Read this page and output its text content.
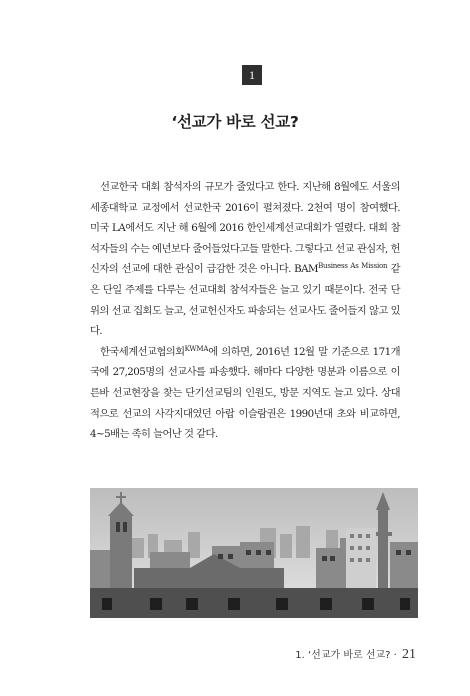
1
‘선교가 바로 선교?

선교한국 대회 참석자의 규모가 줄었다고 한다. 지난해 8월에도 서울의 세종대학교 교정에서 선교한국 2016이 펼쳐졌다. 2천여 명이 참여했다. 미국 LA에서도 지난 해 6월에 2016 한인세계선교대회가 열렸다. 대회 참석자들의 수는 예년보다 줄어들었다고들 말한다. 그렇다고 선교 관심자, 헌신자의 선교에 대한 관심이 급감한 것은 아니다. $BAM^{Business As Mission}$ 같은 단일 주제를 다루는 선교대회 참석자들은 늘고 있기 때문이다. 전국 단위의 선교 집회도 늘고, 선교헌신자도 파송되는 선교사도 줄어들지 않고 있다.

한국세계선교협의회$^{KWMA}$에 의하면, 2016년 12월 말 기준으로 171개국에 27,205명의 선교사를 파송했다. 해마다 다양한 명분과 이름으로 이른바 선교현장을 찾는 단기선교팀의 인원도, 방문 지역도 늘고 있다. 상대적으로 선교의 사각지대였던 아랍 이슬람권은 1990년대 초와 비교하면, 4~5배는 족히 늘어난 것 같다.

1. ‘선교가 바로 선교? · 21
